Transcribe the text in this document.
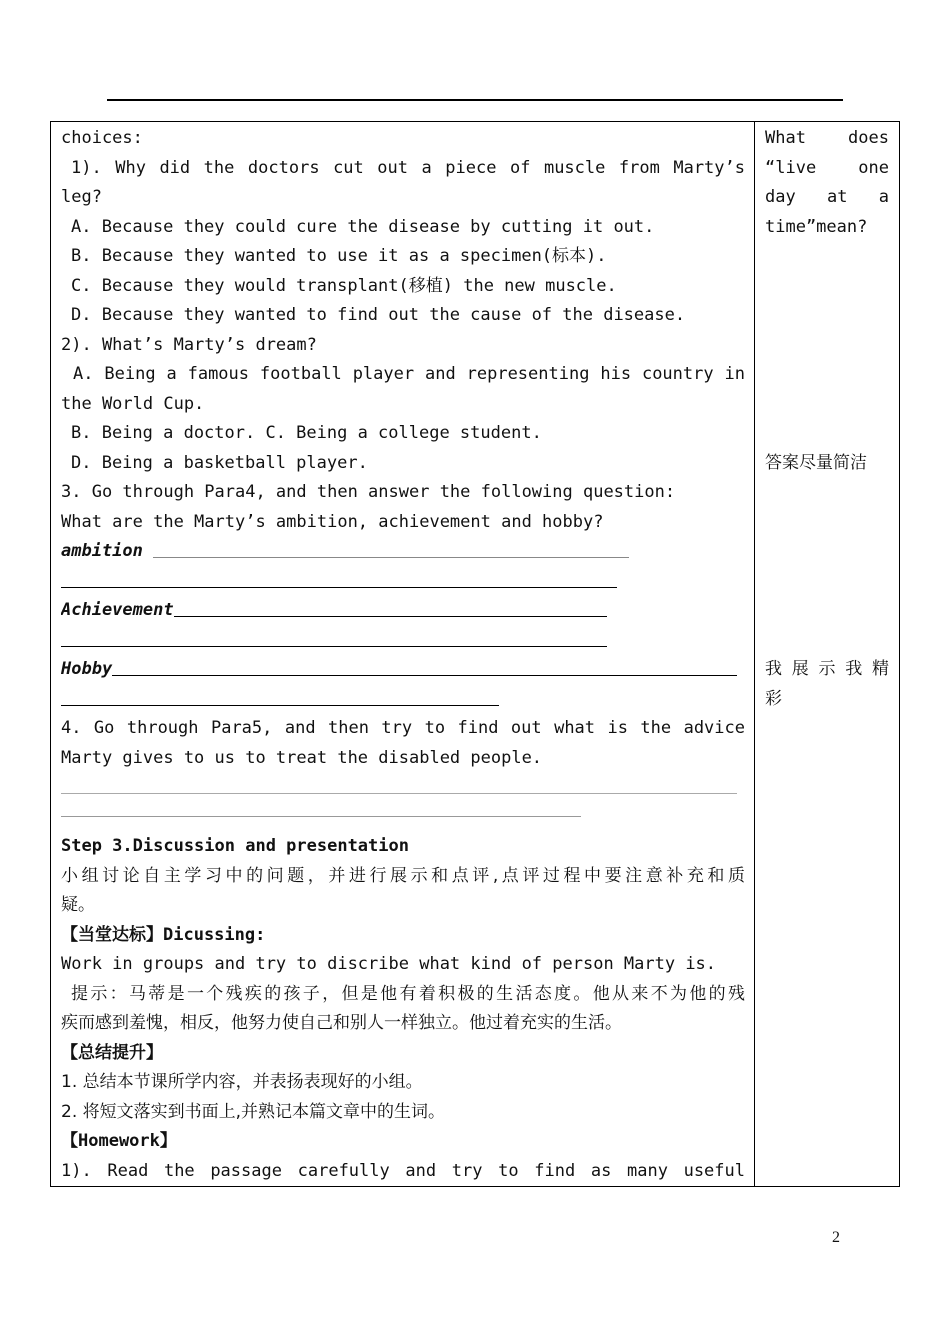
choices:
1). Why did the doctors cut out a piece of muscle from Marty’s
leg?
A. Because they could cure the disease by cutting it out.
B. Because they wanted to use it as a specimen(标本).
C. Because they would transplant(移植) the new muscle.
D. Because they wanted to find out the cause of the disease.
2). What’s Marty’s dream?
A. Being a famous football player and representing his country in
the World Cup.
B. Being a doctor. C. Being a college student.
D. Being a basketball player.
3. Go through Para4, and then answer the following question:
What are the Marty’s ambition, achievement and hobby?
ambition
Achievement
Hobby
4. Go through Para5, and then try to find out what is the advice
Marty gives to us to treat the disabled people.
Step 3.Discussion and presentation
小组讨论自主学习中的问题，并进行展示和点评,点评过程中要注意补充和质
疑。
【当堂达标】Dicussing:
Work in groups and try to discribe what kind of person Marty is.
提示：马蒂是一个残疾的孩子，但是他有着积极的生活态度。他从来不为他的残
疾而感到羞愧，相反，他努力使自己和别人一样独立。他过着充实的生活。
【总结提升】
1. 总结本节课所学内容，并表扬表现好的小组。
2. 将短文落实到书面上,并熟记本篇文章中的生词。
【Homework】
1). Read the passage carefully and try to find as many useful
What does
“live one
day at a
time”mean?
答案尽量简洁
我展示我精
彩
2
